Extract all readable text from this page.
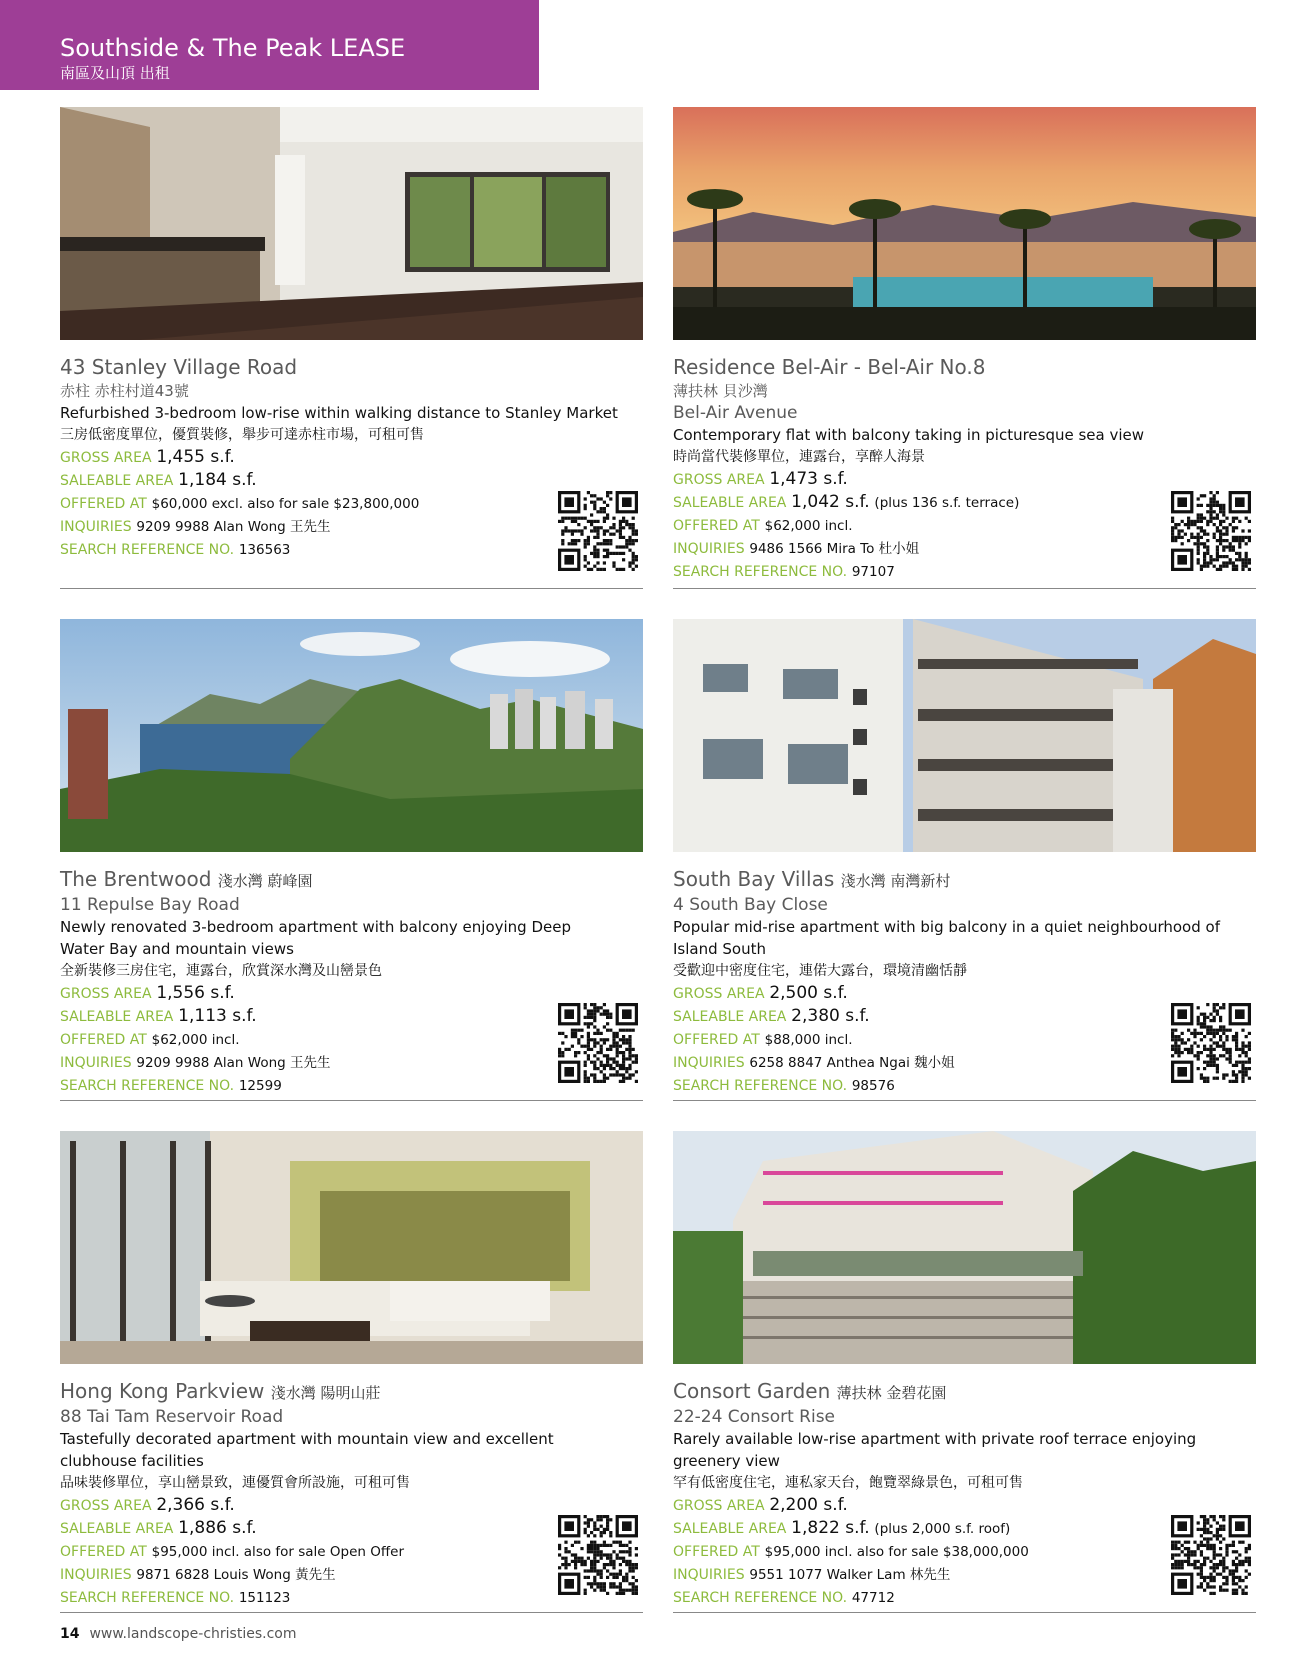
Southside & The Peak LEASE
南區及山頂 出租
43 Stanley Village Road
赤柱 赤柱村道43號
Refurbished 3-bedroom low-rise within walking distance to Stanley Market
三房低密度單位，優質裝修，舉步可達赤柱市場，可租可售
GROSS AREA 1,455 s.f.
SALEABLE AREA 1,184 s.f.
OFFERED AT $60,000 excl. also for sale $23,800,000
INQUIRIES 9209 9988 Alan Wong 王先生
SEARCH REFERENCE NO. 136563
Residence Bel-Air - Bel-Air No.8
薄扶林 貝沙灣
Bel-Air Avenue
Contemporary flat with balcony taking in picturesque sea view
時尚當代裝修單位，連露台，享醉人海景
GROSS AREA 1,473 s.f.
SALEABLE AREA 1,042 s.f. (plus 136 s.f. terrace)
OFFERED AT $62,000 incl.
INQUIRIES 9486 1566 Mira To 杜小姐
SEARCH REFERENCE NO. 97107
The Brentwood 淺水灣 蔚峰園
11 Repulse Bay Road
Newly renovated 3-bedroom apartment with balcony enjoying Deep Water Bay and mountain views
全新裝修三房住宅，連露台，欣賞深水灣及山巒景色
GROSS AREA 1,556 s.f.
SALEABLE AREA 1,113 s.f.
OFFERED AT $62,000 incl.
INQUIRIES 9209 9988 Alan Wong 王先生
SEARCH REFERENCE NO. 12599
South Bay Villas 淺水灣 南灣新村
4 South Bay Close
Popular mid-rise apartment with big balcony in a quiet neighbourhood of Island South
受歡迎中密度住宅，連偌大露台，環境清幽恬靜
GROSS AREA 2,500 s.f.
SALEABLE AREA 2,380 s.f.
OFFERED AT $88,000 incl.
INQUIRIES 6258 8847 Anthea Ngai 魏小姐
SEARCH REFERENCE NO. 98576
Hong Kong Parkview 淺水灣 陽明山莊
88 Tai Tam Reservoir Road
Tastefully decorated apartment with mountain view and excellent clubhouse facilities
品味裝修單位，享山巒景致，連優質會所設施，可租可售
GROSS AREA 2,366 s.f.
SALEABLE AREA 1,886 s.f.
OFFERED AT $95,000 incl. also for sale Open Offer
INQUIRIES 9871 6828 Louis Wong 黃先生
SEARCH REFERENCE NO. 151123
Consort Garden 薄扶林 金碧花園
22-24 Consort Rise
Rarely available low-rise apartment with private roof terrace enjoying greenery view
罕有低密度住宅，連私家天台，飽覽翠綠景色，可租可售
GROSS AREA 2,200 s.f.
SALEABLE AREA 1,822 s.f. (plus 2,000 s.f. roof)
OFFERED AT $95,000 incl. also for sale $38,000,000
INQUIRIES 9551 1077 Walker Lam 林先生
SEARCH REFERENCE NO. 47712
14 www.landscope-christies.com
